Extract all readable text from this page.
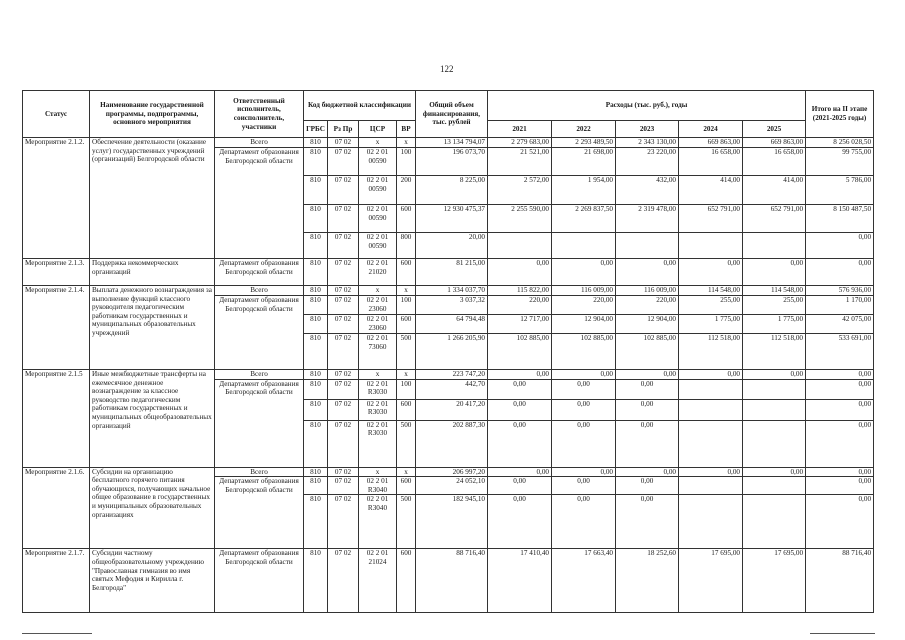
122
Статус	Наименование государственной программы, подпрограммы, основного мероприятия	Ответственный исполнитель, соисполнитель, участники	Код бюджетной классификации				Общий объем финансирования, тыс. рублей	Расходы (тыс. руб.), годы					Итого на II этапе (2021-2025 годы)
			ГРБС	Рз Пр	ЦСР	ВР		2021	2022	2023	2024	2025	
Мероприятие 2.1.2.	Обеспечение деятельности (оказание услуг) государственных учреждений (организаций) Белгородской области	Всего	810	07 02	х	х	13 134 794,07	2 279 683,00	2 293 489,50	2 343 130,00	669 863,00	669 863,00	8 256 028,50
		Департамент образования Белгородской области	810	07 02	02 2 01 00590	100	196 073,70	21 521,00	21 698,00	23 220,00	16 658,00	16 658,00	99 755,00
			810	07 02	02 2 01 00590	200	8 225,00	2 572,00	1 954,00	432,00	414,00	414,00	5 786,00
			810	07 02	02 2 01 00590	600	12 930 475,37	2 255 590,00	2 269 837,50	2 319 478,00	652 791,00	652 791,00	8 150 487,50
			810	07 02	02 2 01 00590	800	20,00						0,00
Мероприятие 2.1.3.	Поддержка некоммерческих организаций	Департамент образования Белгородской области	810	07 02	02 2 01 21020	600	81 215,00	0,00	0,00	0,00	0,00	0,00	0,00
Мероприятие 2.1.4.	Выплата денежного вознаграждения за выполнение функций классного руководителя педагогическим работникам государственных и муниципальных образовательных учреждений	Всего	810	07 02	х	х	1 334 037,70	115 822,00	116 009,00	116 009,00	114 548,00	114 548,00	576 936,00
		Департамент образования Белгородской области	810	07 02	02 2 01 23060	100	3 037,32	220,00	220,00	220,00	255,00	255,00	1 170,00
			810	07 02	02 2 01 23060	600	64 794,48	12 717,00	12 904,00	12 904,00	1 775,00	1 775,00	42 075,00
			810	07 02	02 2 01 73060	500	1 266 205,90	102 885,00	102 885,00	102 885,00	112 518,00	112 518,00	533 691,00
Мероприятие 2.1.5	Иные межбюджетные трансферты на ежемесячное денежное вознаграждение за классное руководство педагогическим работникам государственных и муниципальных общеобразовательных организаций	Всего	810	07 02	х	х	223 747,20	0,00	0,00	0,00	0,00	0,00	0,00
		Департамент образования Белгородской области	810	07 02	02 2 01 R3030	100	442,70	0,00	0,00	0,00			0,00
			810	07 02	02 2 01 R3030	600	20 417,20	0,00	0,00	0,00			0,00
			810	07 02	02 2 01 R3030	500	202 887,30	0,00	0,00	0,00			0,00
Мероприятие 2.1.6.	Субсидии на организацию бесплатного горячего питания обучающихся, получающих начальное общее образование в государственных и муниципальных образовательных организациях	Всего	810	07 02	х	х	206 997,20	0,00	0,00	0,00	0,00	0,00	0,00
		Департамент образования Белгородской области	810	07 02	02 2 01 R3040	600	24 052,10	0,00	0,00	0,00			0,00
			810	07 02	02 2 01 R3040	500	182 945,10	0,00	0,00	0,00			0,00
Мероприятие 2.1.7.	Субсидии частному общеобразовательному учреждению "Православная гимназия во имя святых Мефодия и Кирилла г. Белгорода"	Департамент образования Белгородской области	810	07 02	02 2 01 21024	600	88 716,40	17 410,40	17 663,40	18 252,60	17 695,00	17 695,00	88 716,40
